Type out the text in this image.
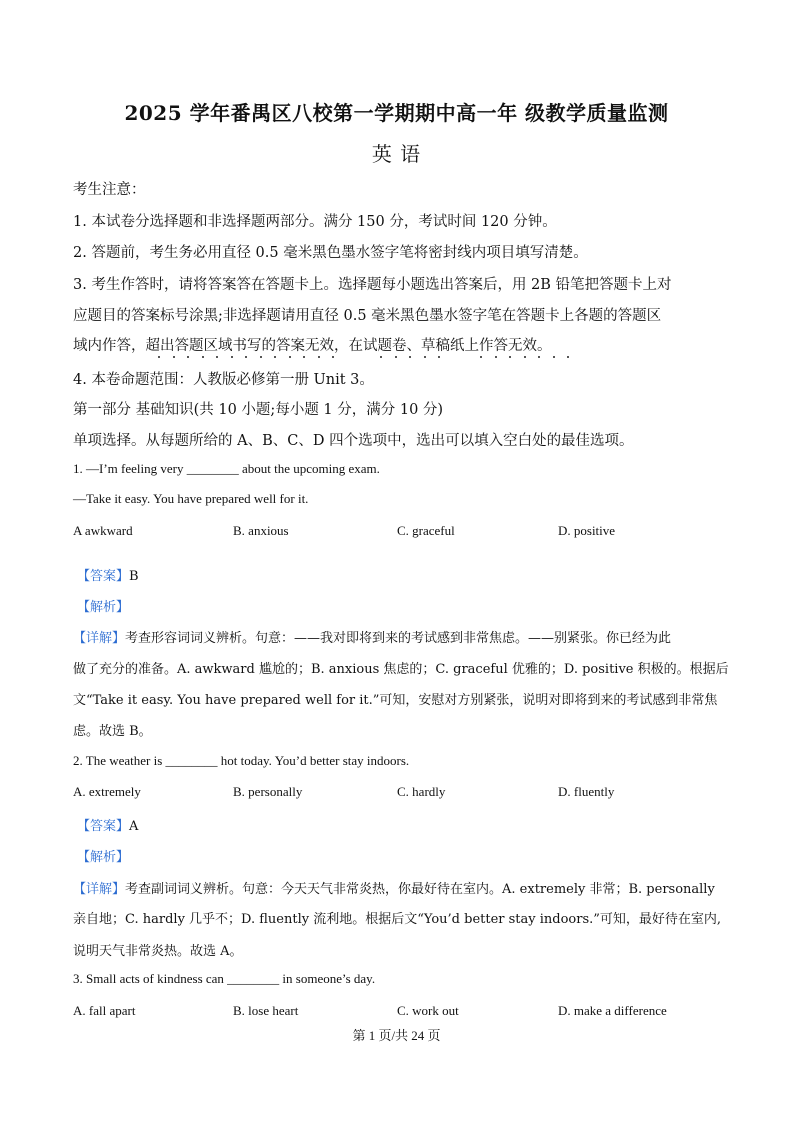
2025 学年番禺区八校第一学期期中高一年 级教学质量监测
英 语
考生注意：
1. 本试卷分选择题和非选择题两部分。满分 150 分，考试时间 120 分钟。
2. 答题前，考生务必用直径 0.5 毫米黑色墨水签字笔将密封线内项目填写清楚。
3. 考生作答时，请将答案答在答题卡上。选择题每小题选出答案后，用 2B 铅笔把答题卡上对
应题目的答案标号涂黑;非选择题请用直径 0.5 毫米黑色墨水签字笔在答题卡上各题的答题区
域内作答，超出答题区域书写的答案无效，在试题卷、草稿纸上作答无效。
4. 本卷命题范围：人教版必修第一册 Unit 3。
第一部分 基础知识(共 10 小题;每小题 1 分，满分 10 分)
单项选择。从每题所给的 A、B、C、D 四个选项中，选出可以填入空白处的最佳选项。
1. —I’m feeling very ________ about the upcoming exam.
—Take it easy. You have prepared well for it.
A awkward	B. anxious	C. graceful	D. positive
【答案】B
【解析】
【详解】考查形容词词义辨析。句意：——我对即将到来的考试感到非常焦虑。——别紧张。你已经为此
做了充分的准备。A. awkward 尴尬的；B. anxious 焦虑的；C. graceful 优雅的；D. positive 积极的。根据后
文“Take it easy. You have prepared well for it.”可知，安慰对方别紧张，说明对即将到来的考试感到非常焦
虑。故选 B。
2. The weather is ________ hot today. You’d better stay indoors.
A. extremely	B. personally	C. hardly	D. fluently
【答案】A
【解析】
【详解】考查副词词义辨析。句意：今天天气非常炎热，你最好待在室内。A. extremely 非常；B. personally
亲自地；C. hardly 几乎不；D. fluently 流利地。根据后文“You’d better stay indoors.”可知，最好待在室内,
说明天气非常炎热。故选 A。
3. Small acts of kindness can ________ in someone’s day.
A. fall apart	B. lose heart	C. work out	D. make a difference
第 1 页/共 24 页
